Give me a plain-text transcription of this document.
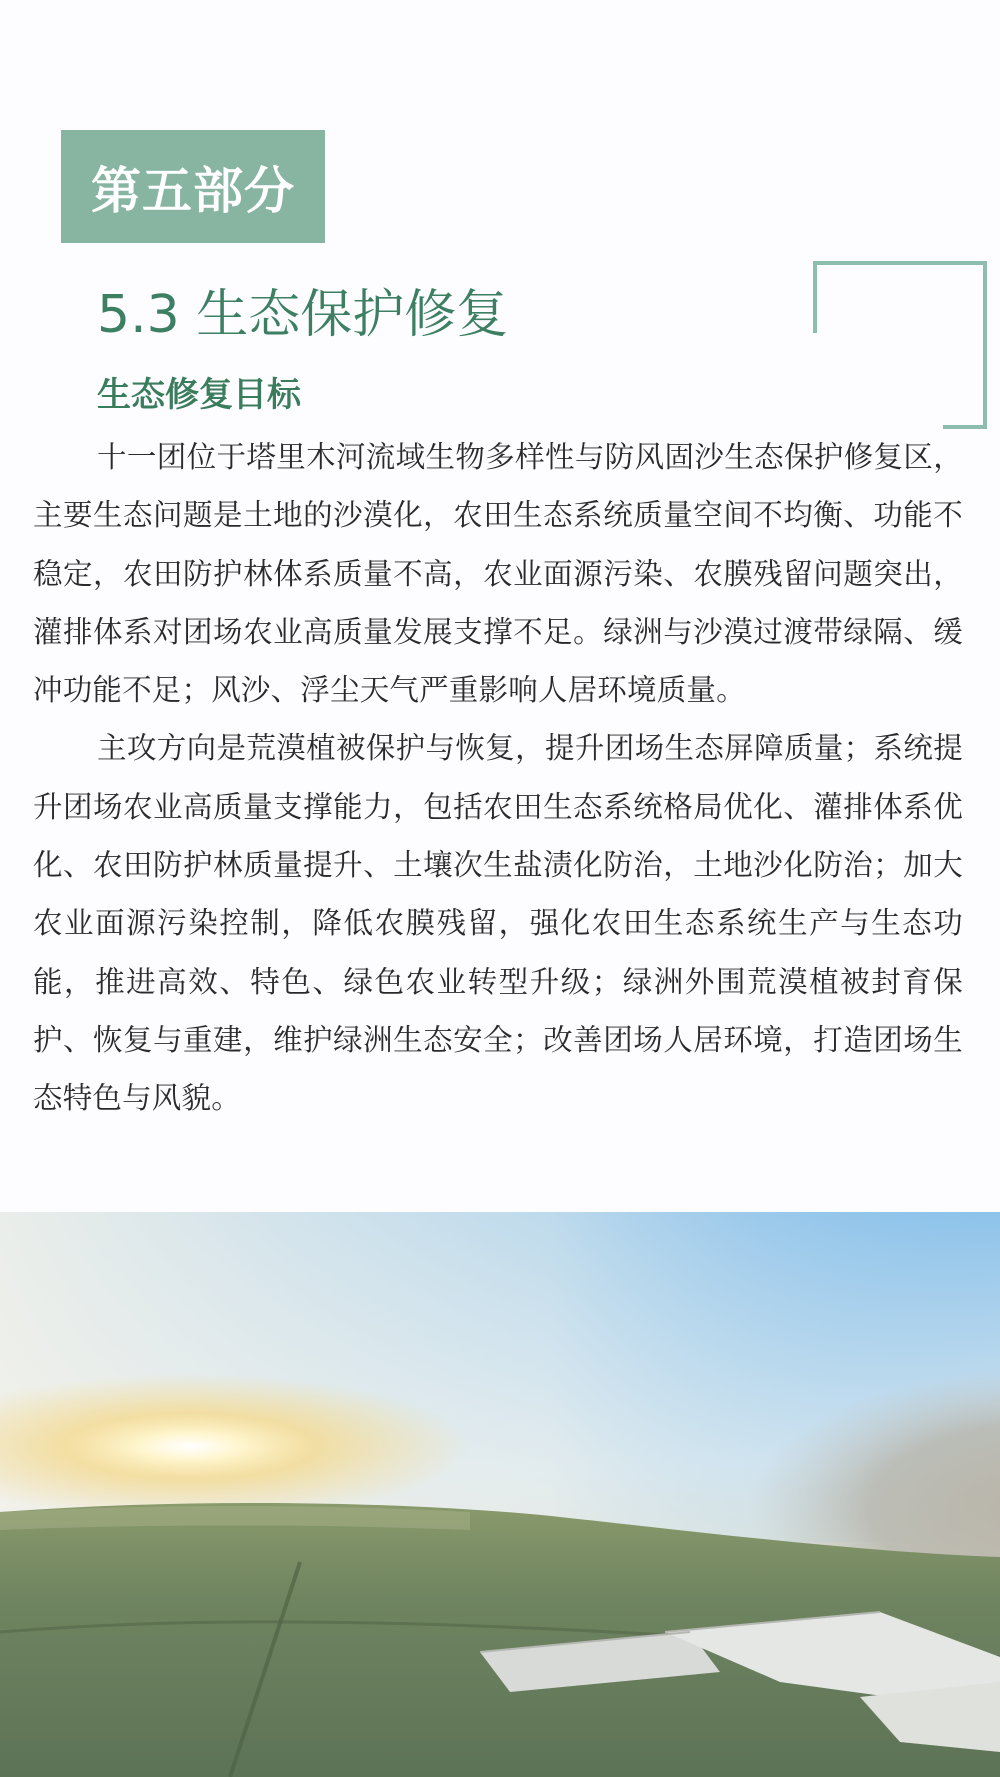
第五部分
5.3 生态保护修复
生态修复目标

十一团位于塔里木河流域生物多样性与防风固沙生态保护修复区，主要生态问题是土地的沙漠化，农田生态系统质量空间不均衡、功能不稳定，农田防护林体系质量不高，农业面源污染、农膜残留问题突出，灌排体系对团场农业高质量发展支撑不足。绿洲与沙漠过渡带绿隔、缓冲功能不足；风沙、浮尘天气严重影响人居环境质量。

主攻方向是荒漠植被保护与恢复，提升团场生态屏障质量；系统提升团场农业高质量支撑能力，包括农田生态系统格局优化、灌排体系优化、农田防护林质量提升、土壤次生盐渍化防治，土地沙化防治；加大农业面源污染控制，降低农膜残留，强化农田生态系统生产与生态功能，推进高效、特色、绿色农业转型升级；绿洲外围荒漠植被封育保护、恢复与重建，维护绿洲生态安全；改善团场人居环境，打造团场生态特色与风貌。
